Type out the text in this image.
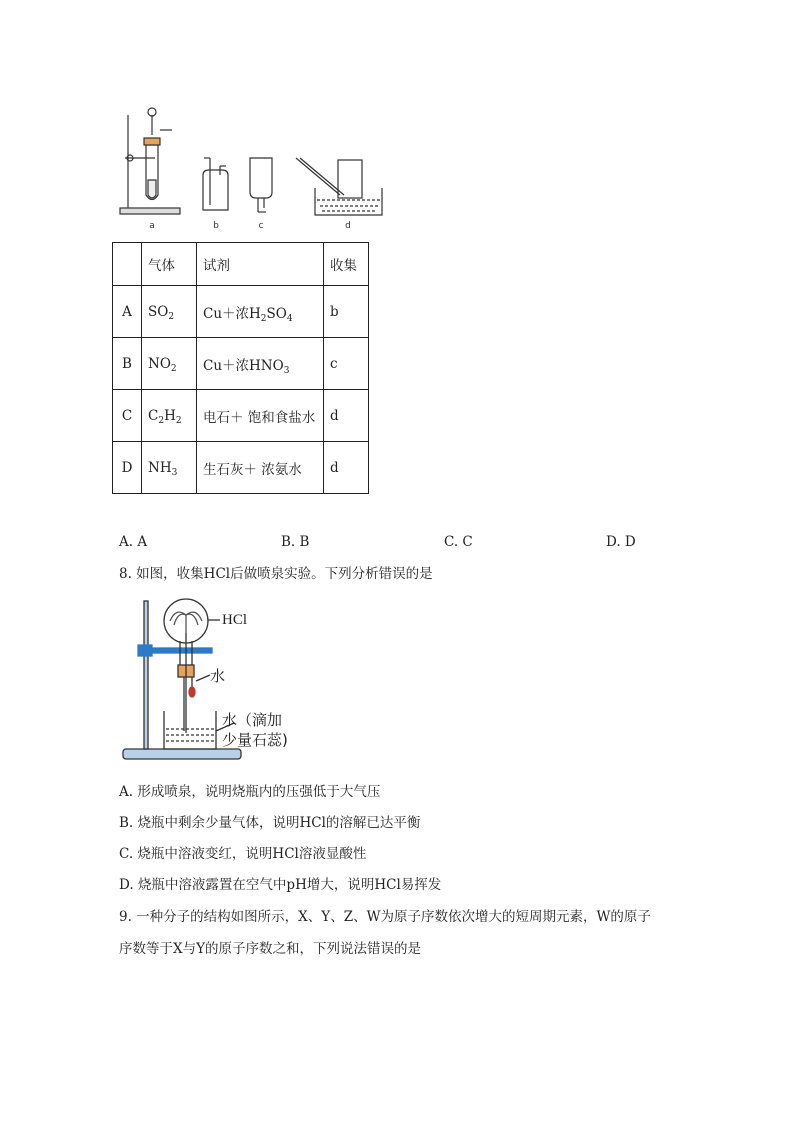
a	b	c	d
	气体	试剂	收集
A	$SO_2$	Cu＋浓$H_2SO_4$	b
B	$NO_2$	Cu＋浓$HNO_3$	c
C	$C_2H_2$	电石＋ 饱和食盐水	d
D	$NH_3$	生石灰＋ 浓氨水	d
A. A	B. B	C. C	D. D
8. 如图，收集HCl后做喷泉实验。下列分析错误的是
HCl
水
水（滴加
少量石蕊)
A. 形成喷泉，说明烧瓶内的压强低于大气压
B. 烧瓶中剩余少量气体，说明HCl的溶解已达平衡
C. 烧瓶中溶液变红，说明HCl溶液显酸性
D. 烧瓶中溶液露置在空气中pH增大，说明HCl易挥发
9. 一种分子的结构如图所示，X、Y、Z、W为原子序数依次增大的短周期元素，W的原子
序数等于X与Y的原子序数之和，下列说法错误的是
